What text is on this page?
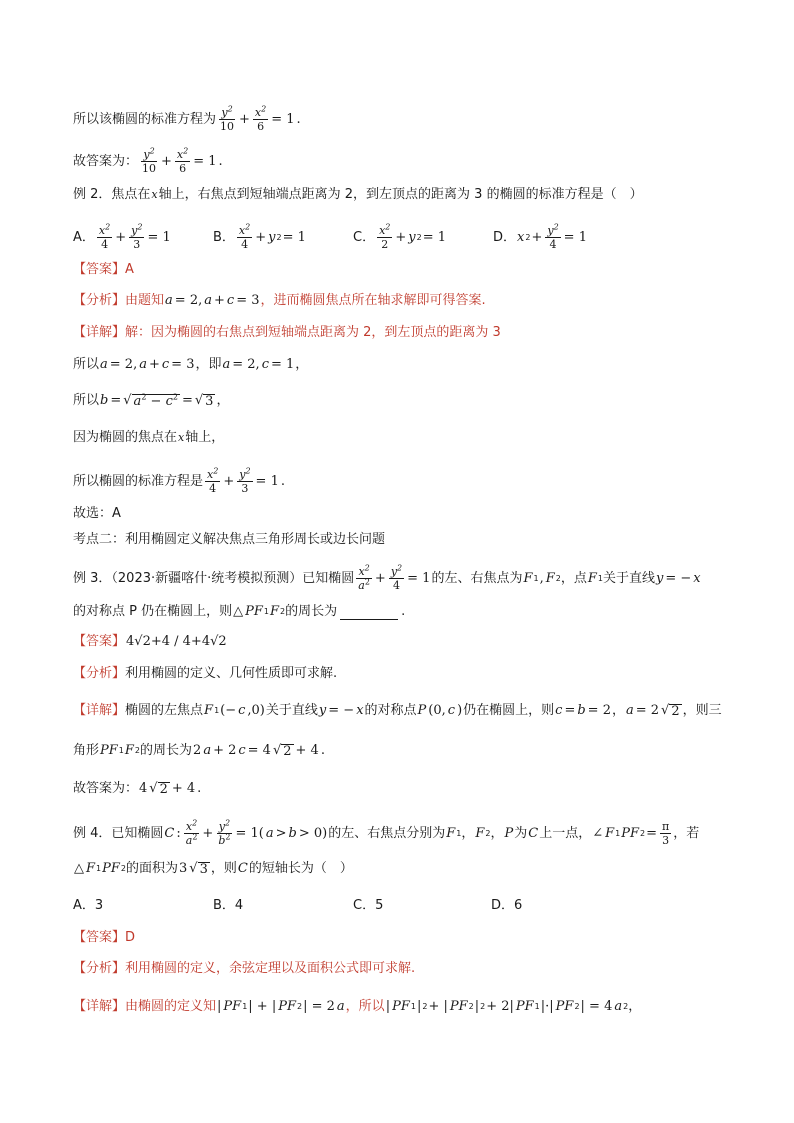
所以该椭圆的标准方程为 $\frac{y^2}{10} + \frac{x^2}{6} = 1$ .
故答案为： $\frac{y^2}{10} + \frac{x^2}{6} = 1$ .
例 2．焦点在 x 轴上，右焦点到短轴端点距离为 2，到左顶点的距离为 3 的椭圆的标准方程是（　）
A． $\frac{x^2}{4} + \frac{y^2}{3} = 1$	B． $\frac{x^2}{4} + y$ 2 = 1	C． $\frac{x^2}{2} + y$ 2 = 1	D． x $2 + \frac{y^2}{4} = 1$
【答案】 A
【分析】 由题知 a = 2, a + c = 3 ，进而椭圆焦点所在轴求解即可得答案.
【详解】 解：因为椭圆的右焦点到短轴端点距离为 2，到左顶点的距离为 3
所以 a = 2, a + c = 3 ，即 a = 2, c = 1 ，
所以 b = √ $a^2 - c^2$ = √ 3 ，
因为椭圆的焦点在 x 轴上，
所以椭圆的标准方程是 $\frac{x^2}{4} + \frac{y^2}{3} = 1$ .
故选：A
考点二：利用椭圆定义解决焦点三角形周长或边长问题
例 3．（2023·新疆喀什·统考模拟预测）已知椭圆 $\frac{x^2}{a^2} + \frac{y^2}{4} = 1$ 的左、右焦点为 F 1 , F 2 ，点 F 1 关于直线 y = − x
的对称点 P 仍在椭圆上，则 △ PF 1 F 2 的周长为	.
【答案】 4√2+4 / 4+4√2
【分析】 利用椭圆的定义、几何性质即可求解.
【详解】 椭圆的左焦点 F 1 (− c ,0) 关于直线 y = − x 的对称点 P (0, c ) 仍在椭圆上，则 c = b = 2 ， a = 2 √ 2 ，则三
角形 PF 1 F 2 的周长为 2 a + 2 c = 4 √ 2 + 4 .
故答案为： 4 √ 2 + 4 .
例 4．已知椭圆 C : $\frac{x^2}{a^2} + \frac{y^2}{b^2} = 1$( a > b > 0) 的左、右焦点分别为 F 1 ， F 2 ， P 为 C 上一点， ∠ F 1 PF $2 = \frac{\pi}{3}$ ，若
△ F 1 PF 2 的面积为 3 √ 3 ，则 C 的短轴长为（　）
A．3	B．4	C．5	D．6
【答案】 D
【分析】 利用椭圆的定义，余弦定理以及面积公式即可求解.
【详解】 由椭圆的定义知 | PF 1 | + | PF 2 | = 2 a ，所以 | PF 1 | 2 + | PF 2 | 2 + 2| PF 1 |·| PF 2 | = 4 a 2 ，
